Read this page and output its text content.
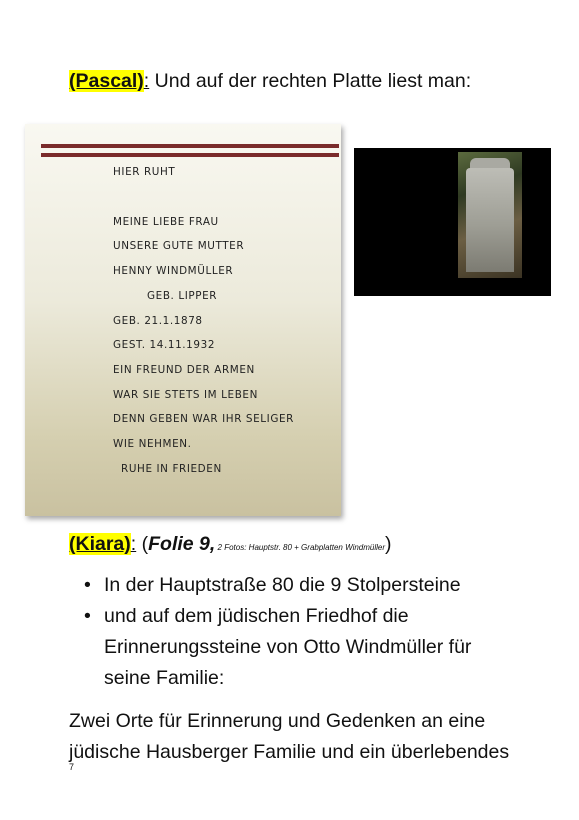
(Pascal): Und auf der rechten Platte liest man:
HIER RUHT
MEINE LIEBE FRAU
UNSERE GUTE MUTTER
HENNY WINDMÜLLER
GEB. LIPPER
GEB. 21.1.1878
GEST. 14.11.1932
EIN FREUND DER ARMEN
WAR SIE STETS IM LEBEN
DENN GEBEN WAR IHR SELIGER
WIE NEHMEN.
RUHE IN FRIEDEN
(Kiara): (Folie 9, 2 Fotos: Hauptstr. 80 + Grabplatten Windmüller)
• In der Hauptstraße 80 die 9 Stolpersteine
• und auf dem jüdischen Friedhof die
Erinnerungssteine von Otto Windmüller für
seine Familie:
Zwei Orte für Erinnerung und Gedenken an eine
jüdische Hausberger Familie und ein überlebendes
7
